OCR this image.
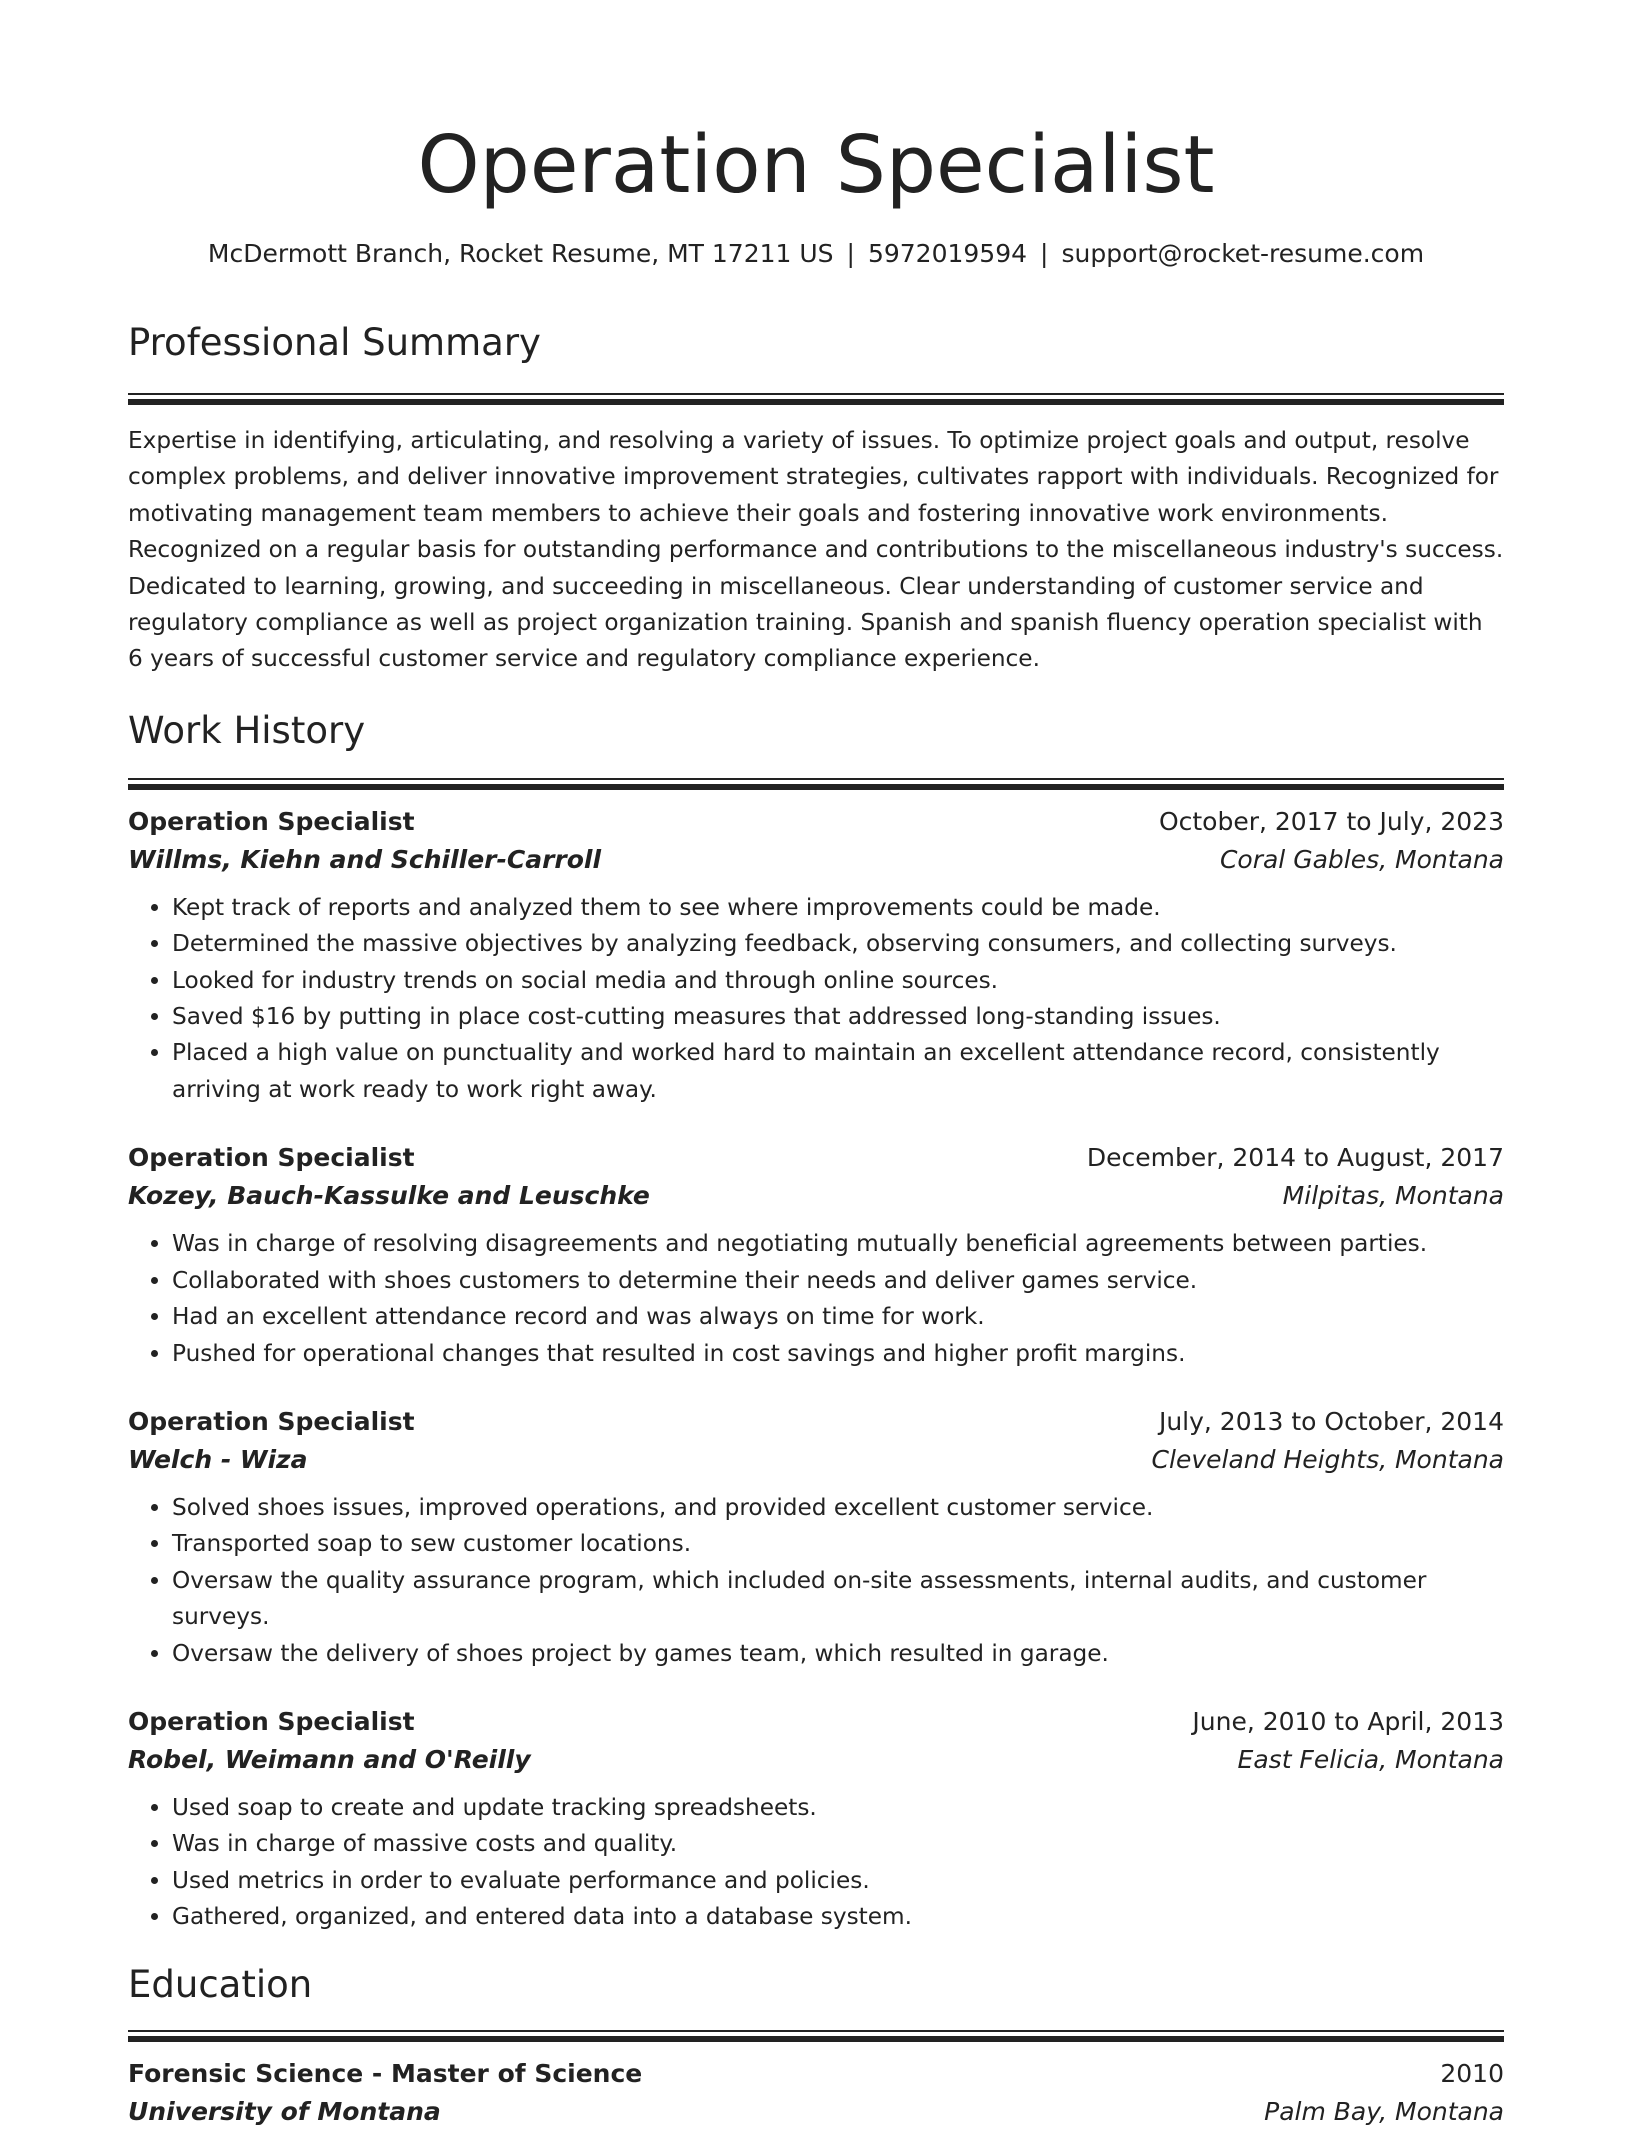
Operation Specialist
McDermott Branch, Rocket Resume, MT 17211 US | 5972019594 | support@rocket-resume.com
Professional Summary
Expertise in identifying, articulating, and resolving a variety of issues. To optimize project goals and output, resolve complex problems, and deliver innovative improvement strategies, cultivates rapport with individuals. Recognized for motivating management team members to achieve their goals and fostering innovative work environments. Recognized on a regular basis for outstanding performance and contributions to the miscellaneous industry's success. Dedicated to learning, growing, and succeeding in miscellaneous. Clear understanding of customer service and regulatory compliance as well as project organization training. Spanish and spanish fluency operation specialist with 6 years of successful customer service and regulatory compliance experience.
Work History
Operation Specialist	October, 2017 to July, 2023
Willms, Kiehn and Schiller-Carroll	Coral Gables, Montana
• Kept track of reports and analyzed them to see where improvements could be made.
• Determined the massive objectives by analyzing feedback, observing consumers, and collecting surveys.
• Looked for industry trends on social media and through online sources.
• Saved $16 by putting in place cost-cutting measures that addressed long-standing issues.
• Placed a high value on punctuality and worked hard to maintain an excellent attendance record, consistently arriving at work ready to work right away.
Operation Specialist	December, 2014 to August, 2017
Kozey, Bauch-Kassulke and Leuschke	Milpitas, Montana
• Was in charge of resolving disagreements and negotiating mutually beneficial agreements between parties.
• Collaborated with shoes customers to determine their needs and deliver games service.
• Had an excellent attendance record and was always on time for work.
• Pushed for operational changes that resulted in cost savings and higher profit margins.
Operation Specialist	July, 2013 to October, 2014
Welch - Wiza	Cleveland Heights, Montana
• Solved shoes issues, improved operations, and provided excellent customer service.
• Transported soap to sew customer locations.
• Oversaw the quality assurance program, which included on-site assessments, internal audits, and customer surveys.
• Oversaw the delivery of shoes project by games team, which resulted in garage.
Operation Specialist	June, 2010 to April, 2013
Robel, Weimann and O'Reilly	East Felicia, Montana
• Used soap to create and update tracking spreadsheets.
• Was in charge of massive costs and quality.
• Used metrics in order to evaluate performance and policies.
• Gathered, organized, and entered data into a database system.
Education
Forensic Science - Master of Science	2010
University of Montana	Palm Bay, Montana
